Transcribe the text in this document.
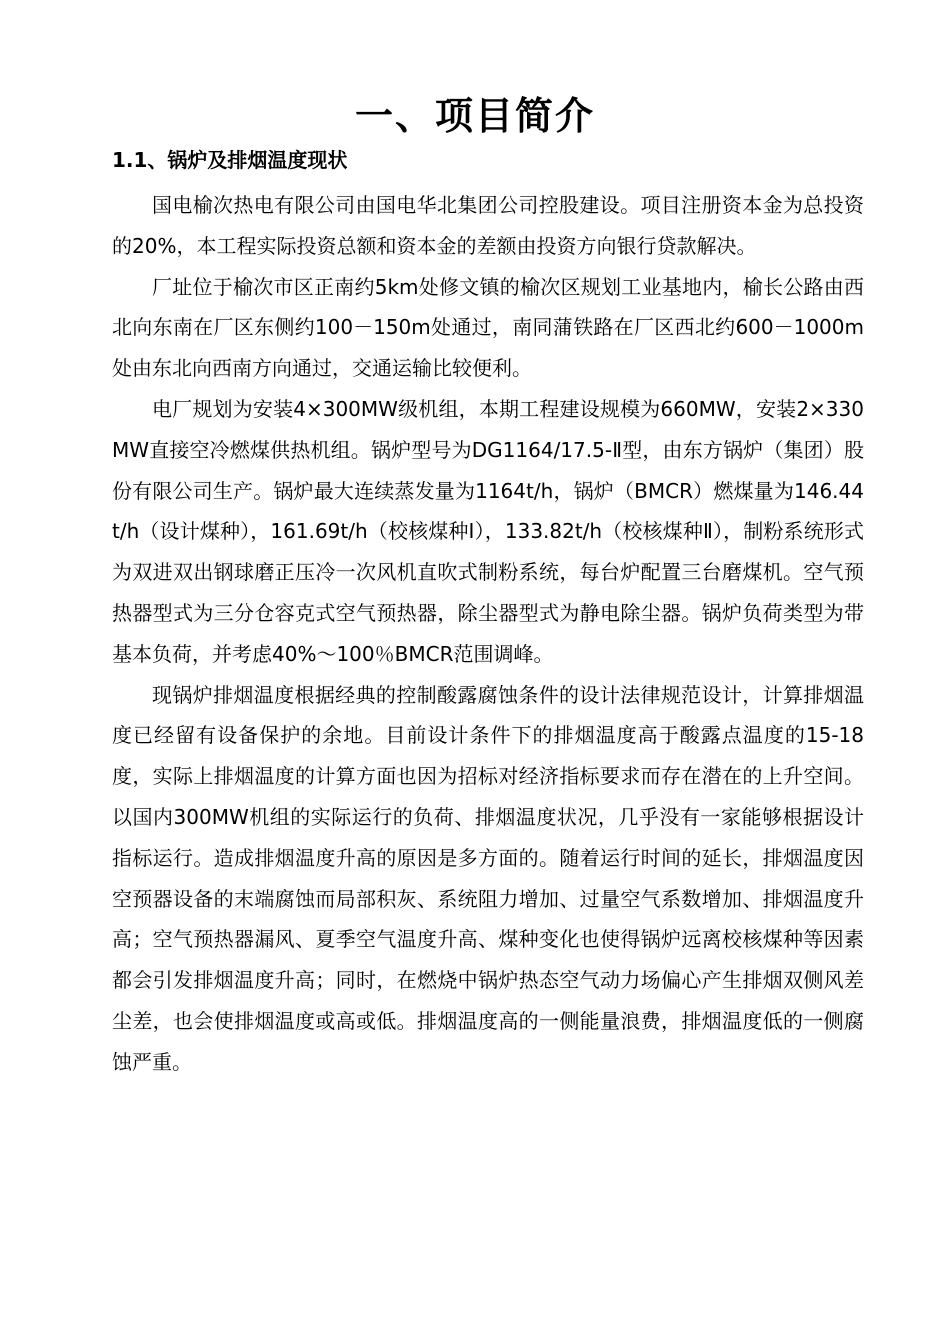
一、项目简介
1.1、锅炉及排烟温度现状

国电榆次热电有限公司由国电华北集团公司控股建设。项目注册资本金为总投资的20%，本工程实际投资总额和资本金的差额由投资方向银行贷款解决。

厂址位于榆次市区正南约5km处修文镇的榆次区规划工业基地内，榆长公路由西北向东南在厂区东侧约100－150m处通过，南同蒲铁路在厂区西北约600－1000m处由东北向西南方向通过，交通运输比较便利。

电厂规划为安装4×300MW级机组，本期工程建设规模为660MW，安装2×330MW直接空冷燃煤供热机组。锅炉型号为DG1164/17.5-Ⅱ型，由东方锅炉（集团）股份有限公司生产。锅炉最大连续蒸发量为1164t/h，锅炉（BMCR）燃煤量为146.44t/h（设计煤种），161.69t/h（校核煤种Ⅰ），133.82t/h（校核煤种Ⅱ），制粉系统形式为双进双出钢球磨正压冷一次风机直吹式制粉系统，每台炉配置三台磨煤机。空气预热器型式为三分仓容克式空气预热器，除尘器型式为静电除尘器。锅炉负荷类型为带基本负荷，并考虑40%～100％BMCR范围调峰。

现锅炉排烟温度根据经典的控制酸露腐蚀条件的设计法律规范设计，计算排烟温度已经留有设备保护的余地。目前设计条件下的排烟温度高于酸露点温度的15-18度，实际上排烟温度的计算方面也因为招标对经济指标要求而存在潜在的上升空间。以国内300MW机组的实际运行的负荷、排烟温度状况，几乎没有一家能够根据设计指标运行。造成排烟温度升高的原因是多方面的。随着运行时间的延长，排烟温度因空预器设备的末端腐蚀而局部积灰、系统阻力增加、过量空气系数增加、排烟温度升高；空气预热器漏风、夏季空气温度升高、煤种变化也使得锅炉远离校核煤种等因素都会引发排烟温度升高；同时，在燃烧中锅炉热态空气动力场偏心产生排烟双侧风差尘差，也会使排烟温度或高或低。排烟温度高的一侧能量浪费，排烟温度低的一侧腐蚀严重。
